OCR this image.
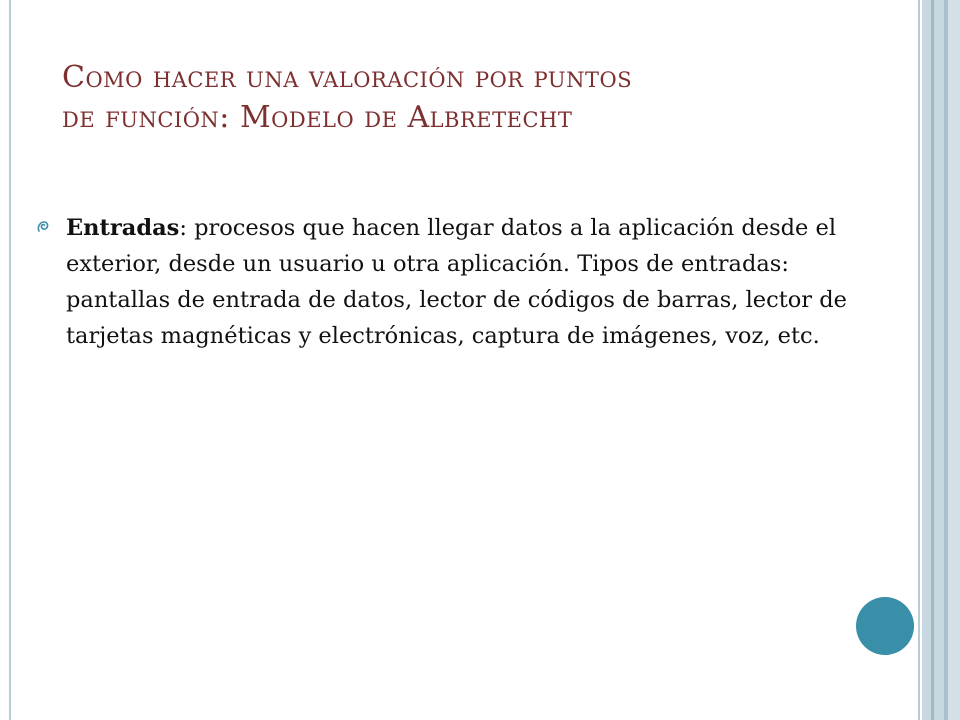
Como hacer una valoración por puntos
de función: Modelo de Albretecht
Entradas: procesos que hacen llegar datos a la aplicación desde el exterior, desde un usuario u otra aplicación. Tipos de entradas: pantallas de entrada de datos, lector de códigos de barras, lector de tarjetas magnéticas y electrónicas, captura de imágenes, voz, etc.
